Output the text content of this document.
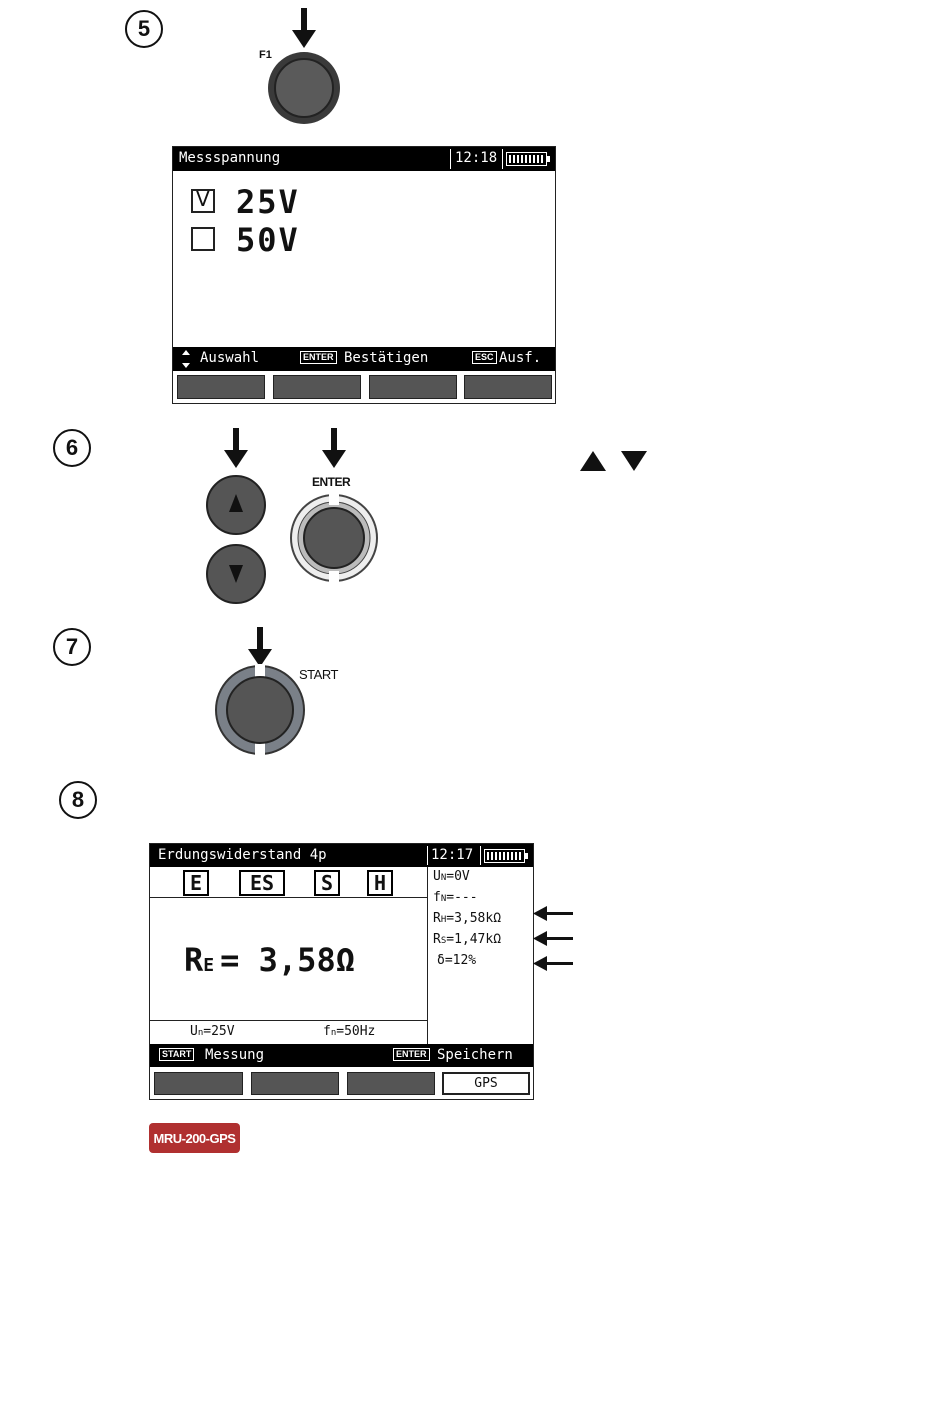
5
F1
Messspannung	12:18
V 25V
50V
Auswahl	ENTER Bestätigen	ESC Ausf.
6
ENTER
7
START
8
Erdungswiderstand 4p	12:17
E	ES	S	H
RE = 3,58Ω
Un=25V	fn=50Hz
UN=0V
fN=---
RH=3,58kΩ
RS=1,47kΩ
δ=12%
START Messung	ENTER Speichern
GPS
MRU-200-GPS
